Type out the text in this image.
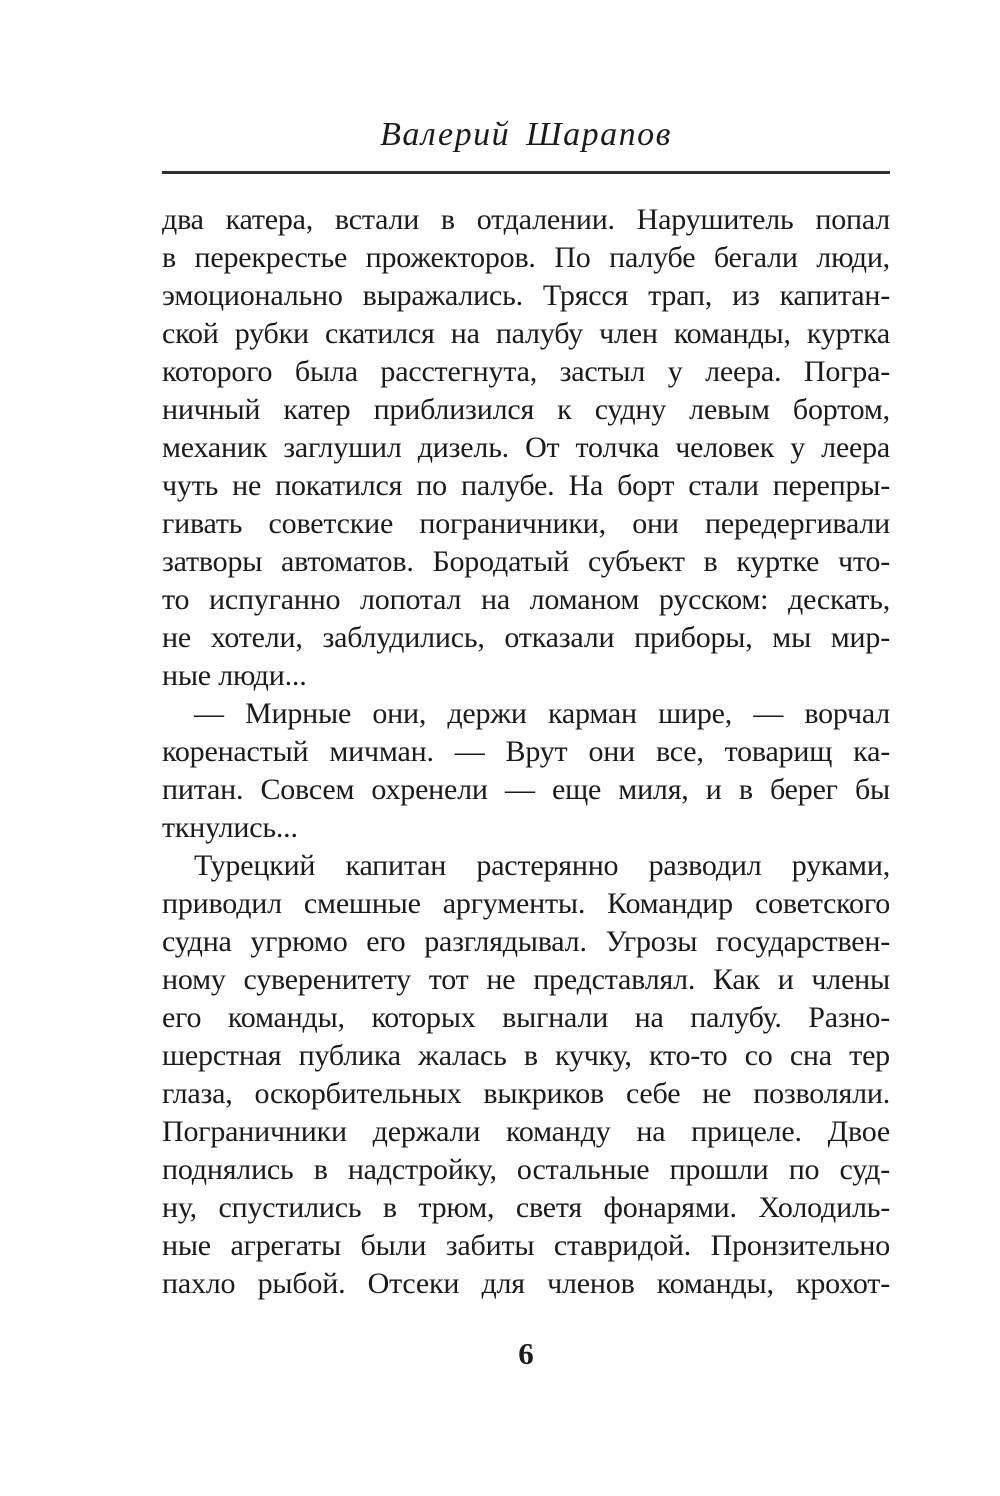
Валерий Шарапов
два катера, встали в отдалении. Нарушитель попал
в перекрестье прожекторов. По палубе бегали люди,
эмоционально выражались. Трясся трап, из капитан-
ской рубки скатился на палубу член команды, куртка
которого была расстегнута, застыл у леера. Погра-
ничный катер приблизился к судну левым бортом,
механик заглушил дизель. От толчка человек у леера
чуть не покатился по палубе. На борт стали перепры-
гивать советские пограничники, они передергивали
затворы автоматов. Бородатый субъект в куртке что-
то испуганно лопотал на ломаном русском: дескать,
не хотели, заблудились, отказали приборы, мы мир-
ные люди...
— Мирные они, держи карман шире, — ворчал
коренастый мичман. — Врут они все, товарищ ка-
питан. Совсем охренели — еще миля, и в берег бы
ткнулись...
Турецкий капитан растерянно разводил руками,
приводил смешные аргументы. Командир советского
судна угрюмо его разглядывал. Угрозы государствен-
ному суверенитету тот не представлял. Как и члены
его команды, которых выгнали на палубу. Разно-
шерстная публика жалась в кучку, кто-то со сна тер
глаза, оскорбительных выкриков себе не позволяли.
Пограничники держали команду на прицеле. Двое
поднялись в надстройку, остальные прошли по суд-
ну, спустились в трюм, светя фонарями. Холодиль-
ные агрегаты были забиты ставридой. Пронзительно
пахло рыбой. Отсеки для членов команды, крохот-
6
